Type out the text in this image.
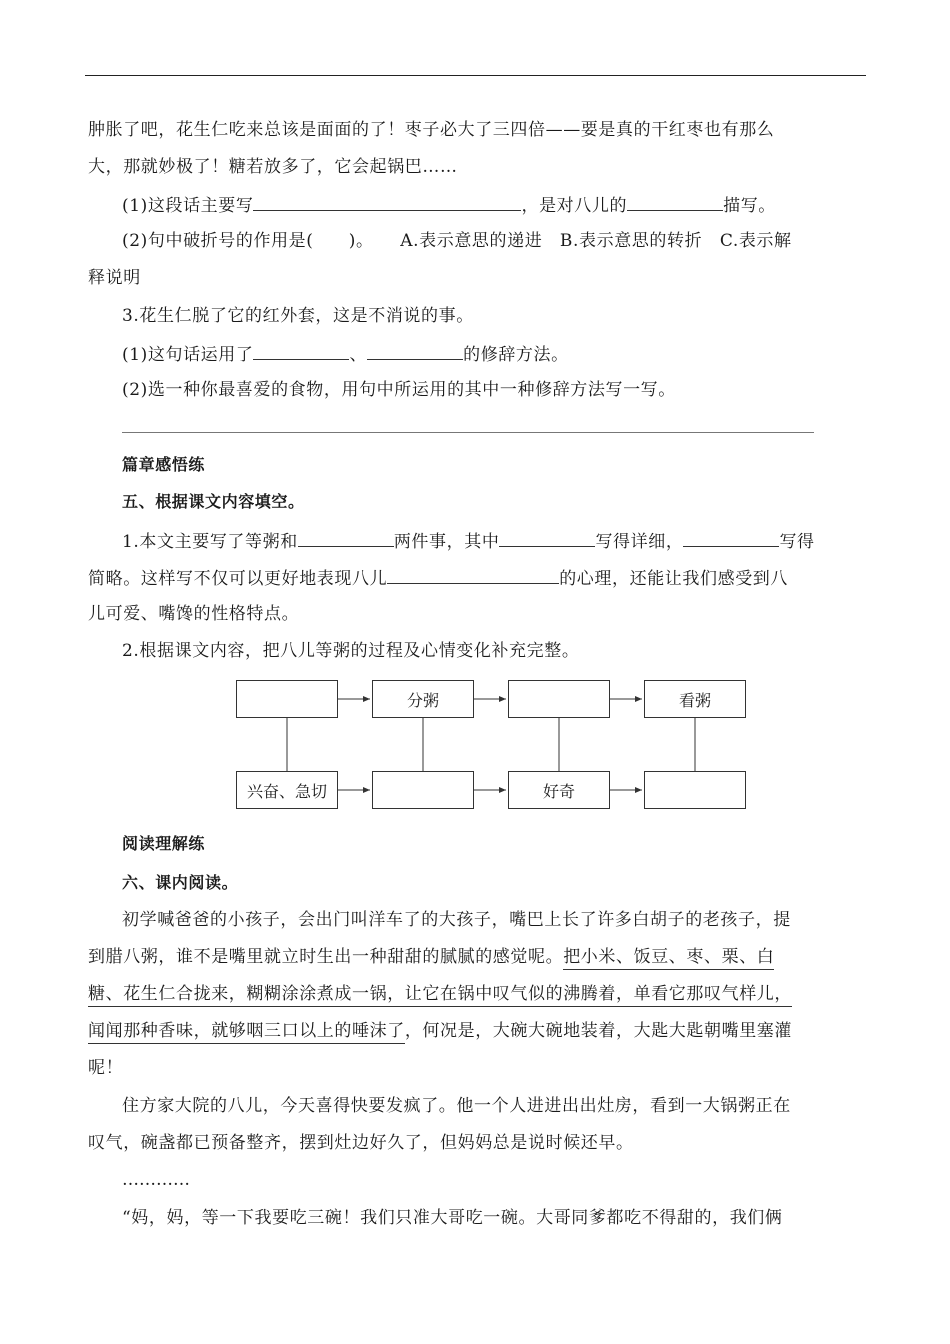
肿胀了吧，花生仁吃来总该是面面的了！枣子必大了三四倍——要是真的干红枣也有那么
大，那就妙极了！糖若放多了，它会起锅巴……
(1)这段话主要写	，是对八儿的	描写。
(2)句中破折号的作用是(　　)。　　A.表示意思的递进　B.表示意思的转折　C.表示解
释说明
3.花生仁脱了它的红外套，这是不消说的事。
(1)这句话运用了	、	的修辞方法。
(2)选一种你最喜爱的食物，用句中所运用的其中一种修辞方法写一写。
篇章感悟练
五、根据课文内容填空。
1.本文主要写了等粥和	两件事，其中	写得详细，	写得
简略。这样写不仅可以更好地表现八儿	的心理，还能让我们感受到八
儿可爱、嘴馋的性格特点。
2.根据课文内容，把八儿等粥的过程及心情变化补充完整。
分粥	看粥
兴奋、急切	好奇
阅读理解练
六、课内阅读。
初学喊爸爸的小孩子，会出门叫洋车了的大孩子，嘴巴上长了许多白胡子的老孩子，提
到腊八粥，谁不是嘴里就立时生出一种甜甜的腻腻的感觉呢。把小米、饭豆、枣、栗、白
糖、花生仁合拢来，糊糊涂涂煮成一锅，让它在锅中叹气似的沸腾着，单看它那叹气样儿，
闻闻那种香味，就够咽三口以上的唾沫了，何况是，大碗大碗地装着，大匙大匙朝嘴里塞灌
呢！
住方家大院的八儿，今天喜得快要发疯了。他一个人进进出出灶房，看到一大锅粥正在
叹气，碗盏都已预备整齐，摆到灶边好久了，但妈妈总是说时候还早。
…………
“妈，妈，等一下我要吃三碗！我们只准大哥吃一碗。大哥同爹都吃不得甜的，我们俩
